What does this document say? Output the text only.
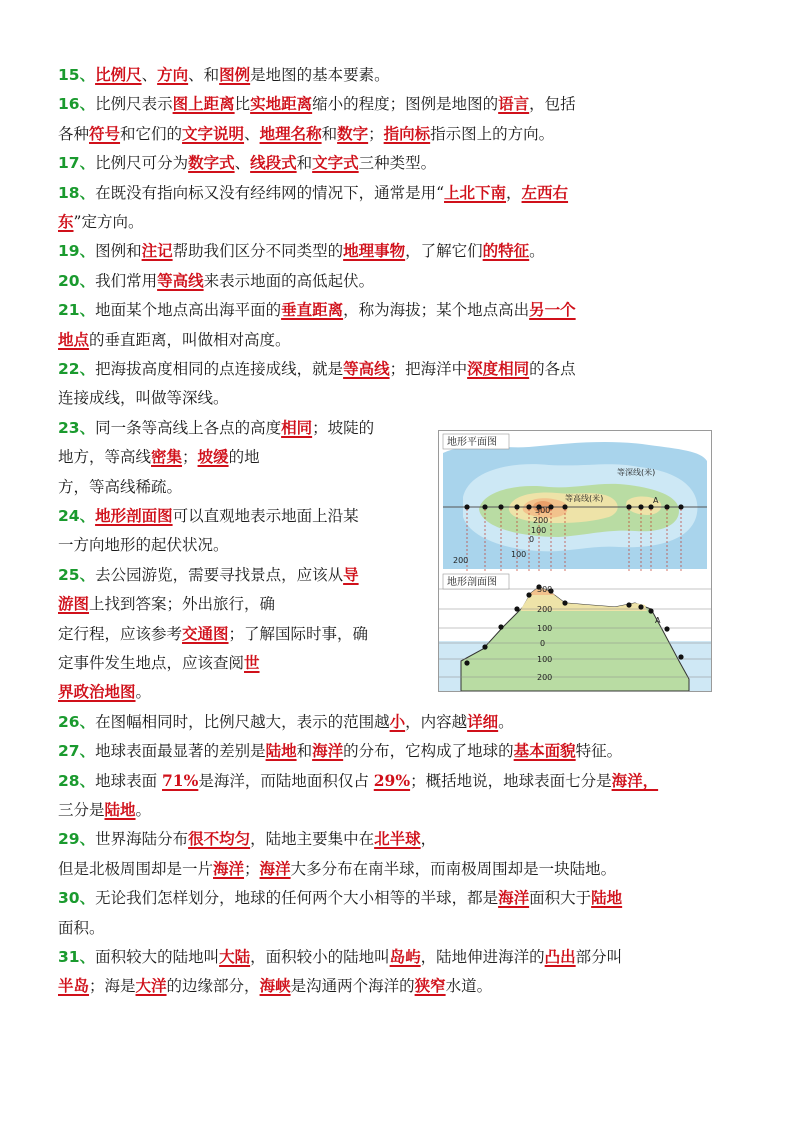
15、比例尺、方向、和图例是地图的基本要素。
16、比例尺表示图上距离比实地距离缩小的程度；图例是地图的语言，包括
各种符号和它们的文字说明、地理名称和数字；指向标指示图上的方向。
17、比例尺可分为数字式、线段式和文字式三种类型。
18、在既没有指向标又没有经纬网的情况下，通常是用“上北下南，左西右
东”定方向。
19、图例和注记帮助我们区分不同类型的地理事物，了解它们的特征。
20、我们常用等高线来表示地面的高低起伏。
21、地面某个地点高出海平面的垂直距离，称为海拔；某个地点高出另一个
地点的垂直距离，叫做相对高度。
22、把海拔高度相同的点连接成线，就是等高线；把海洋中深度相同的各点
连接成线，叫做等深线。
23、同一条等高线上各点的高度相同；坡陡的
地方，等高线密集；坡缓的地
方，等高线稀疏。
24、地形剖面图可以直观地表示地面上沿某
一方向地形的起伏状况。
25、去公园游览，需要寻找景点，应该从导
游图上找到答案；外出旅行，确
定行程，应该参考交通图；了解国际时事，确
定事件发生地点，应该查阅世
界政治地图。
26、在图幅相同时，比例尺越大，表示的范围越小，内容越详细。
27、地球表面最显著的差别是陆地和海洋的分布，它构成了地球的基本面貌特征。
28、地球表面 71%是海洋，而陆地面积仅占 29%；概括地说，地球表面七分是海洋，
三分是陆地。
29、世界海陆分布很不均匀，陆地主要集中在北半球，
但是北极周围却是一片海洋；海洋大多分布在南半球，而南极周围却是一块陆地。
30、无论我们怎样划分，地球的任何两个大小相等的半球，都是海洋面积大于陆地
面积。
31、面积较大的陆地叫大陆，面积较小的陆地叫岛屿，陆地伸进海洋的凸出部分叫
半岛；海是大洋的边缘部分，海峡是沟通两个海洋的狭窄水道。
地形平面图
等深线(米)
等高线(米)	A
300
200
100
0
100
200
地形剖面图
300
200
100
0
100
200
A
